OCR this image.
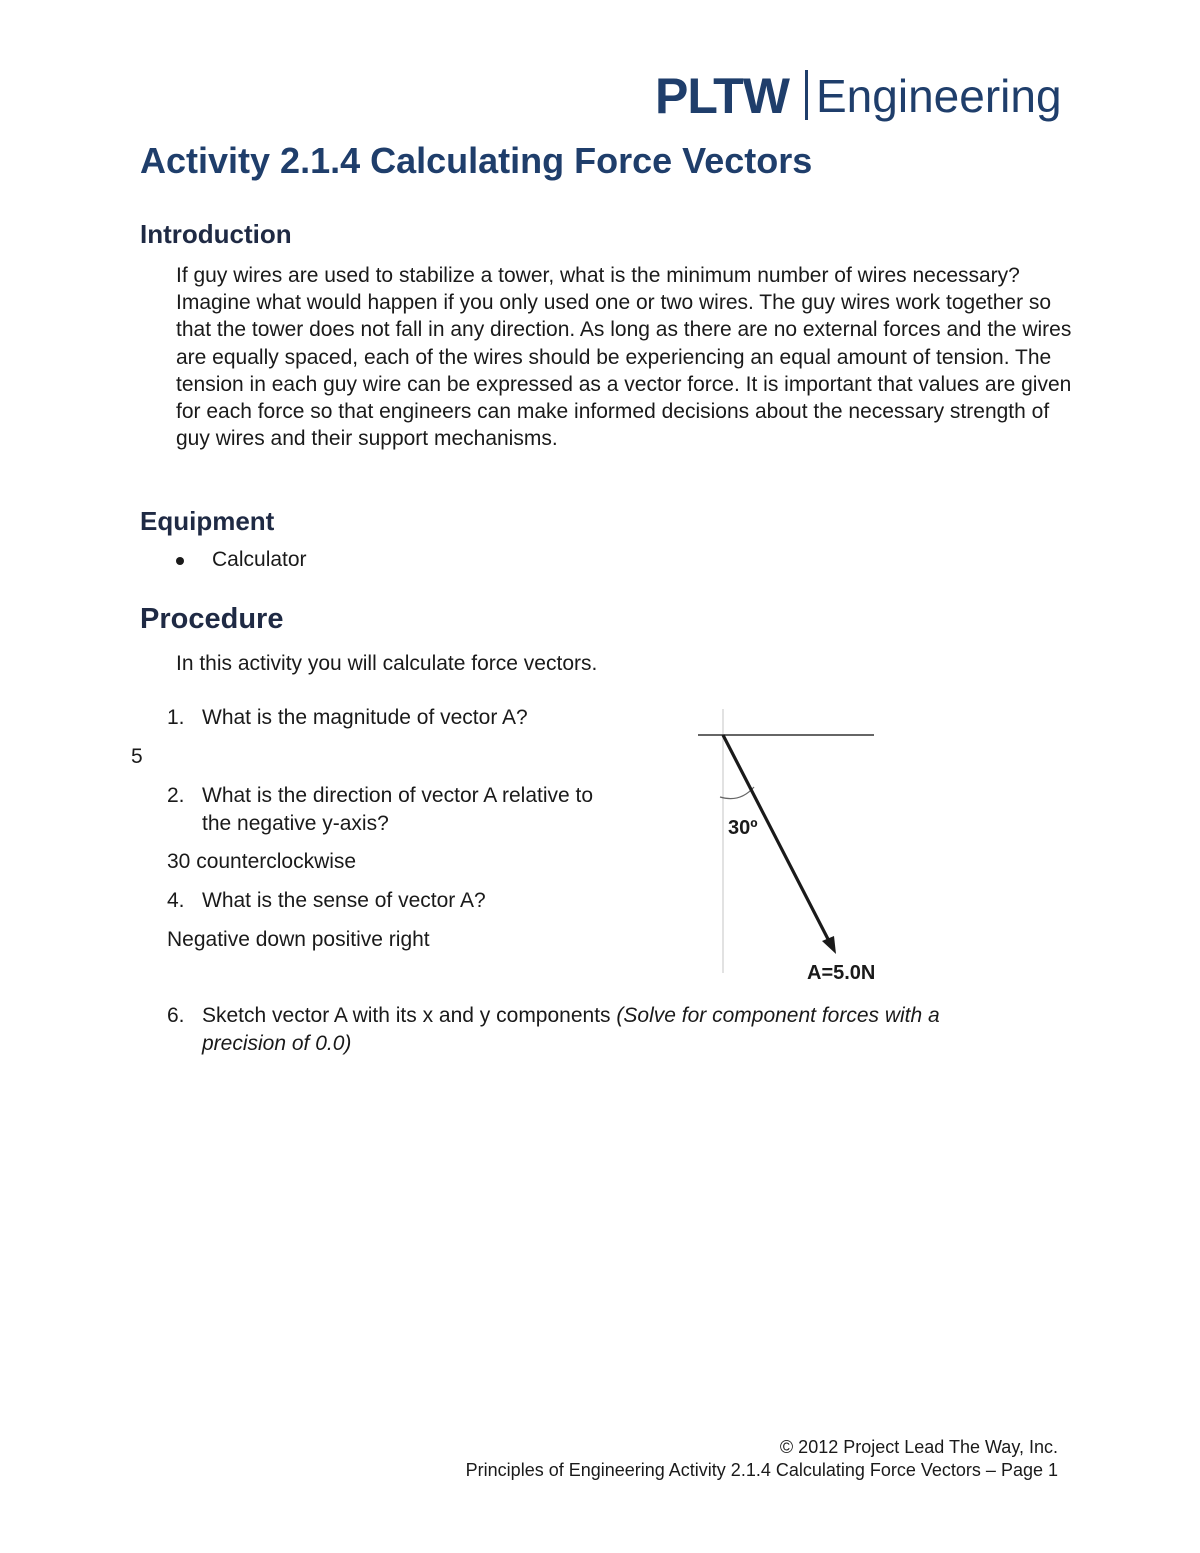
PLTW Engineering
Activity 2.1.4 Calculating Force Vectors
Introduction
If guy wires are used to stabilize a tower, what is the minimum number of wires necessary? Imagine what would happen if you only used one or two wires. The guy wires work together so that the tower does not fall in any direction. As long as there are no external forces and the wires are equally spaced, each of the wires should be experiencing an equal amount of tension. The tension in each guy wire can be expressed as a vector force. It is important that values are given for each force so that engineers can make informed decisions about the necessary strength of guy wires and their support mechanisms.
Equipment
Calculator
Procedure
In this activity you will calculate force vectors.
1. What is the magnitude of vector A?
5
2. What is the direction of vector A relative to
the negative y-axis?
30 counterclockwise
4. What is the sense of vector A?
Negative down positive right
6. Sketch vector A with its x and y components (Solve for component forces with a
precision of 0.0)
30º
A=5.0N
© 2012 Project Lead The Way, Inc.
Principles of Engineering Activity 2.1.4 Calculating Force Vectors – Page 1
